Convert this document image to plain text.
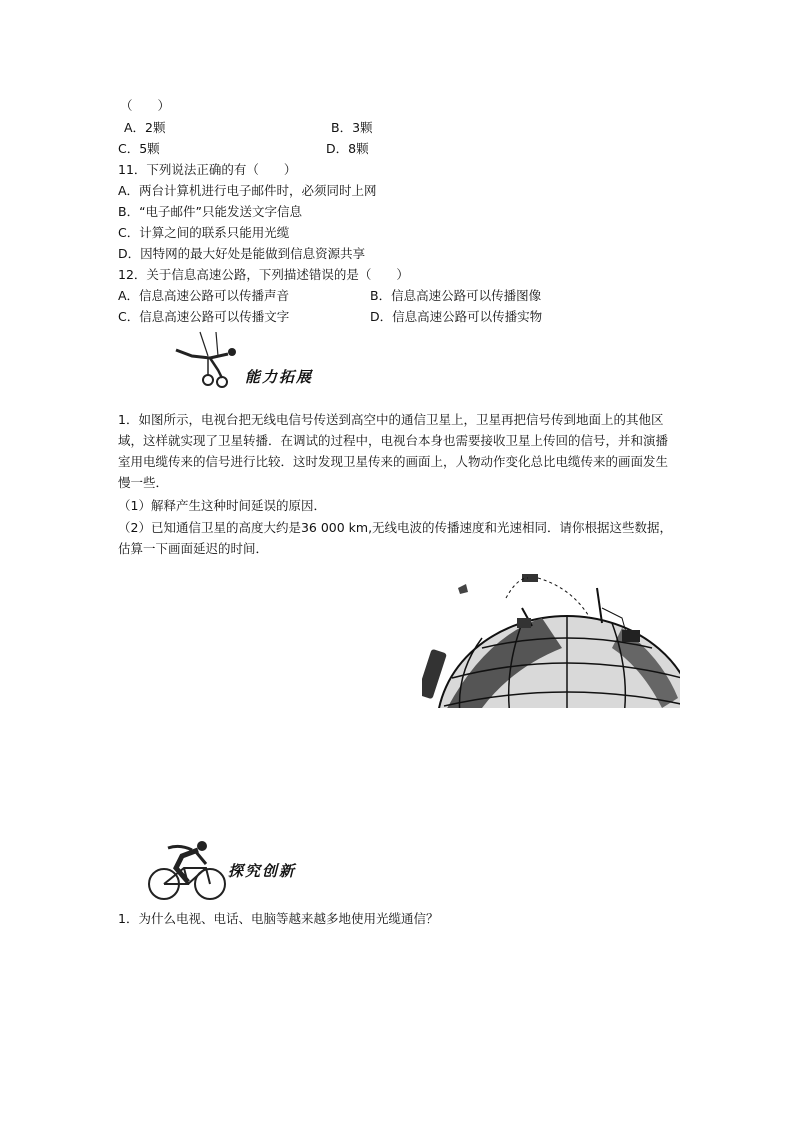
（　　）
A．2颗	B．3颗
C．5颗	D．8颗
11．下列说法正确的有（　　）
A．两台计算机进行电子邮件时，必须同时上网
B．“电子邮件”只能发送文字信息
C．计算之间的联系只能用光缆
D．因特网的最大好处是能做到信息资源共享
12．关于信息高速公路，下列描述错误的是（　　）
A．信息高速公路可以传播声音	B．信息高速公路可以传播图像
C．信息高速公路可以传播文字	D．信息高速公路可以传播实物
能力拓展
1．如图所示，电视台把无线电信号传送到高空中的通信卫星上，卫星再把信号传到地面上的其他区域，这样就实现了卫星转播．在调试的过程中，电视台本身也需要接收卫星上传回的信号，并和演播室用电缆传来的信号进行比较．这时发现卫星传来的画面上，人物动作变化总比电缆传来的画面发生慢一些．
（1）解释产生这种时间延误的原因．
（2）已知通信卫星的高度大约是36 000 km,无线电波的传播速度和光速相同．请你根据这些数据，估算一下画面延迟的时间．
探究创新
1．为什么电视、电话、电脑等越来越多地使用光缆通信？
